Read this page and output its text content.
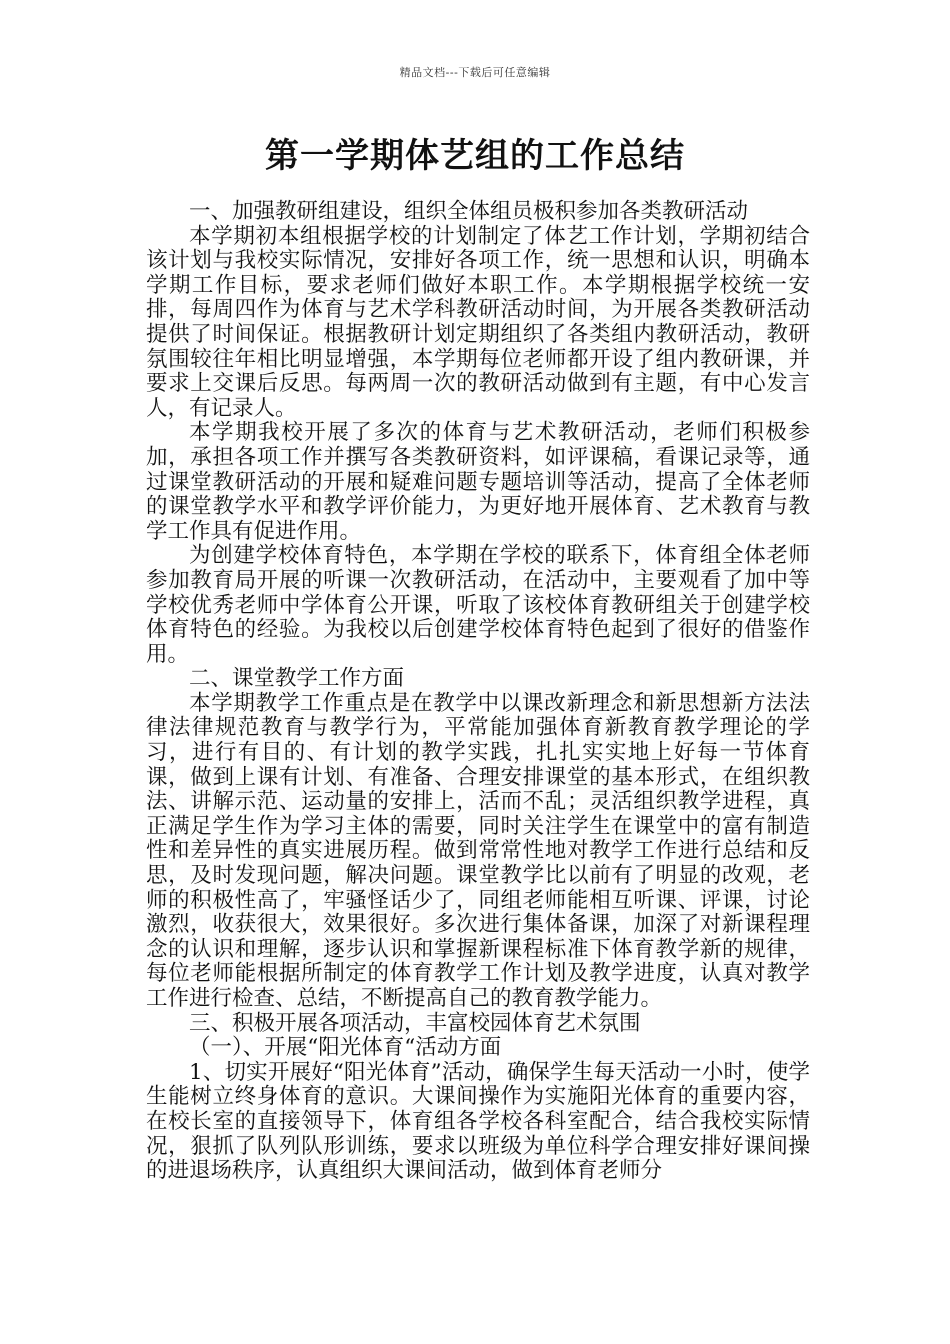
精品文档---下载后可任意编辑
第一学期体艺组的工作总结

一、加强教研组建设，组织全体组员极积参加各类教研活动

本学期初本组根据学校的计划制定了体艺工作计划，学期初结合该计划与我校实际情况，安排好各项工作，统一思想和认识，明确本学期工作目标，要求老师们做好本职工作。本学期根据学校统一安排，每周四作为体育与艺术学科教研活动时间，为开展各类教研活动提供了时间保证。根据教研计划定期组织了各类组内教研活动，教研氛围较往年相比明显增强，本学期每位老师都开设了组内教研课，并要求上交课后反思。每两周一次的教研活动做到有主题，有中心发言人，有记录人。

本学期我校开展了多次的体育与艺术教研活动，老师们积极参加，承担各项工作并撰写各类教研资料，如评课稿，看课记录等，通过课堂教研活动的开展和疑难问题专题培训等活动，提高了全体老师的课堂教学水平和教学评价能力，为更好地开展体育、艺术教育与教学工作具有促进作用。

为创建学校体育特色，本学期在学校的联系下，体育组全体老师参加教育局开展的听课一次教研活动，在活动中，主要观看了加中等学校优秀老师中学体育公开课，听取了该校体育教研组关于创建学校体育特色的经验。为我校以后创建学校体育特色起到了很好的借鉴作用。

二、课堂教学工作方面

本学期教学工作重点是在教学中以课改新理念和新思想新方法法律法律规范教育与教学行为，平常能加强体育新教育教学理论的学习，进行有目的、有计划的教学实践，扎扎实实地上好每一节体育课，做到上课有计划、有准备、合理安排课堂的基本形式，在组织教法、讲解示范、运动量的安排上，活而不乱；灵活组织教学进程，真正满足学生作为学习主体的需要，同时关注学生在课堂中的富有制造性和差异性的真实进展历程。做到常常性地对教学工作进行总结和反思，及时发现问题，解决问题。课堂教学比以前有了明显的改观，老师的积极性高了，牢骚怪话少了，同组老师能相互听课、评课，讨论激烈，收获很大，效果很好。多次进行集体备课，加深了对新课程理念的认识和理解，逐步认识和掌握新课程标准下体育教学新的规律，每位老师能根据所制定的体育教学工作计划及教学进度，认真对教学工作进行检查、总结，不断提高自己的教育教学能力。

三、积极开展各项活动，丰富校园体育艺术氛围

（一）、开展“阳光体育“活动方面

1、切实开展好“阳光体育”活动，确保学生每天活动一小时，使学生能树立终身体育的意识。大课间操作为实施阳光体育的重要内容，在校长室的直接领导下，体育组各学校各科室配合，结合我校实际情况，狠抓了队列队形训练，要求以班级为单位科学合理安排好课间操的进退场秩序，认真组织大课间活动，做到体育老师分
